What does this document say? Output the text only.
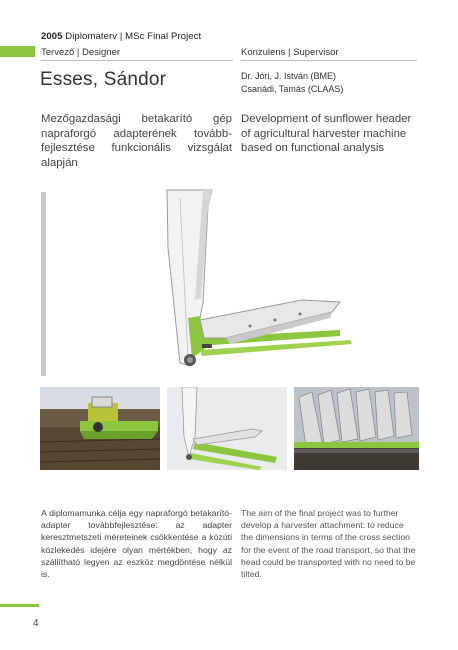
2005 Diplomaterv | MSc Final Project
Tervező | Designer	Konzulens | Supervisor
Esses, Sándor	Dr. Jóri, J. István (BME)
Csanádi, Tamás (CLAAS)
Mezőgazdasági betakarító gép napraforgó adapterének tovább-fejlesztése funkcionális vizsgálat alapján
Development of sunflower header of agricultural harvester machine based on functional analysis
A diplomamunka célja egy napraforgó betakarító-adapter továbbfejlesztése: az adapter keresztmetszeti méreteinek csökkentése a közúti közlekedés idejére olyan mértékben, hogy az szállítható legyen az eszköz megdöntése nélkül is.
The aim of the final project was to further develop a harvester attachment: to reduce the dimensions in terms of the cross section for the event of the road transport, so that the head could be transported with no need to be tilted.
4
